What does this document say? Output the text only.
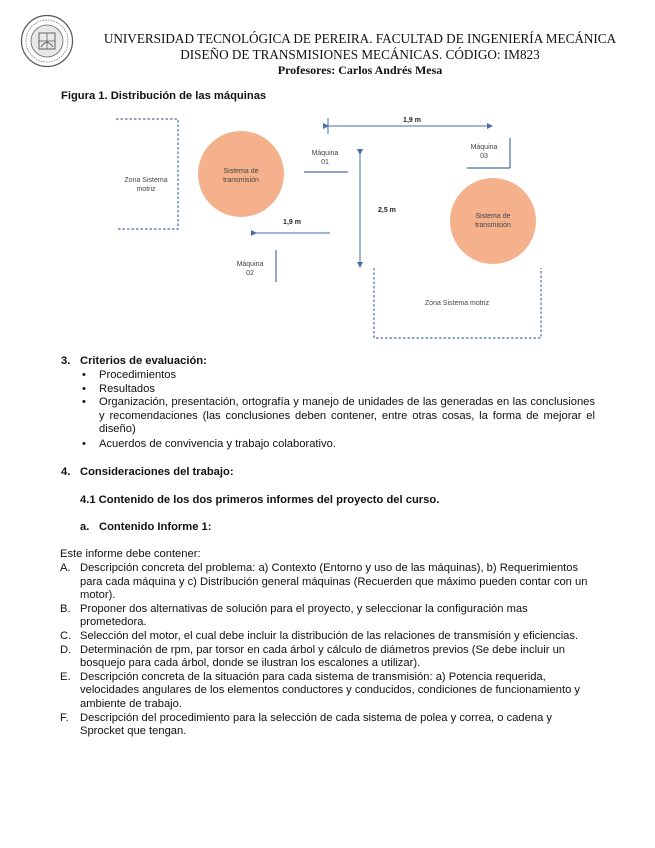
UNIVERSIDAD TECNOLÓGICA DE PEREIRA. FACULTAD DE INGENIERÍA MECÁNICA
DISEÑO DE TRANSMISIONES MECÁNICAS. CÓDIGO: IM823
Profesores: Carlos Andrés Mesa
Figura 1. Distribución de las máquinas
Zona Sistema
motriz
Sistema de
transmisión
Máquina
01
1,9 m
Máquina
03
2,5 m
Sistema de
transmisión
1,9 m
Máquina
02
Zona Sistema motriz
3. Criterios de evaluación:
• Procedimientos
• Resultados
• Organización, presentación, ortografía y manejo de unidades de las generadas en las conclusiones y recomendaciones (las conclusiones deben contener, entre otras cosas, la forma de mejorar el diseño)
• Acuerdos de convivencia y trabajo colaborativo.
4. Consideraciones del trabajo:
4.1 Contenido de los dos primeros informes del proyecto del curso.
a. Contenido Informe 1:
Este informe debe contener:
A. Descripción concreta del problema: a) Contexto (Entorno y uso de las máquinas), b) Requerimientos para cada máquina y c) Distribución general máquinas (Recuerden que máximo pueden contar con un motor).
B. Proponer dos alternativas de solución para el proyecto, y seleccionar la configuración mas prometedora.
C. Selección del motor, el cual debe incluir la distribución de las relaciones de transmisión y eficiencias.
D. Determinación de rpm, par torsor en cada árbol y cálculo de diámetros previos (Se debe incluir un bosquejo para cada árbol, donde se ilustran los escalones a utilizar).
E. Descripción concreta de la situación para cada sistema de transmisión: a) Potencia requerida, velocidades angulares de los elementos conductores y conducidos, condiciones de funcionamiento y ambiente de trabajo.
F. Descripción del procedimiento para la selección de cada sistema de polea y correa, o cadena y Sprocket que tengan.
